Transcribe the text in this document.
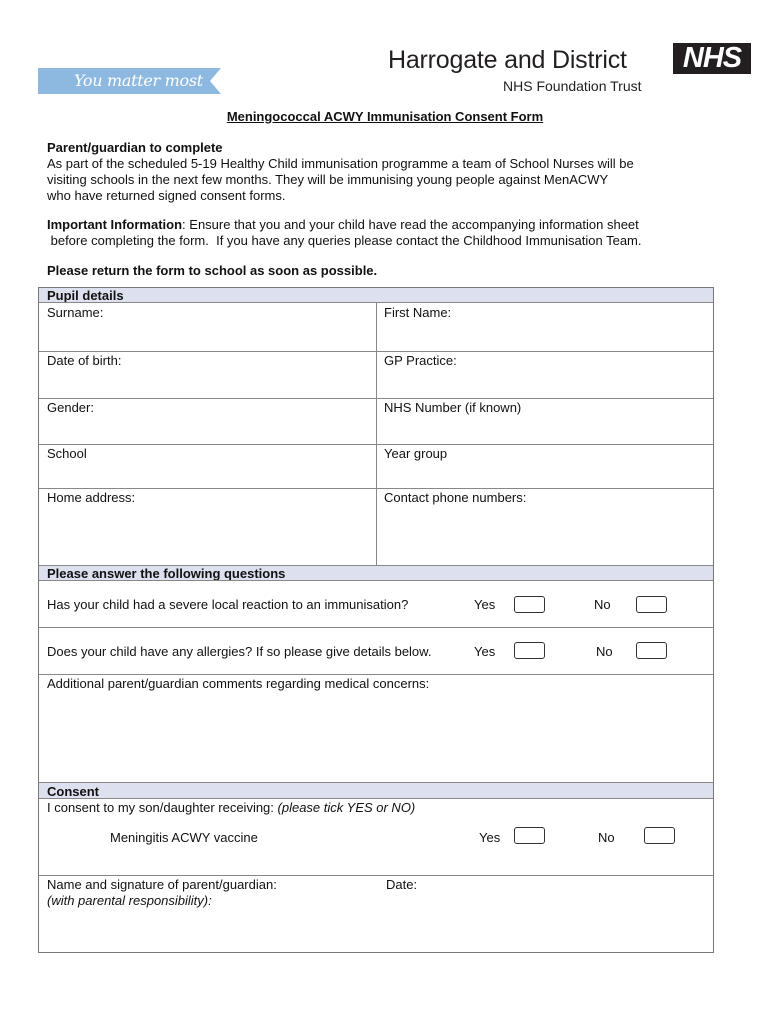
You matter most
Harrogate and District
NHS Foundation Trust
NHS
Meningococcal ACWY Immunisation Consent Form

Parent/guardian to complete

As part of the scheduled 5-19 Healthy Child immunisation programme a team of School Nurses will be

visiting schools in the next few months. They will be immunising young people against MenACWY

who have returned signed consent forms.

Important Information: Ensure that you and your child have read the accompanying information sheet

before completing the form.  If you have any queries please contact the Childhood Immunisation Team.

Please return the form to school as soon as possible.
Pupil details
Surname:	First Name:
Date of birth:	GP Practice:
Gender:	NHS Number (if known)
School	Year group
Home address:	Contact phone numbers:
Please answer the following questions
Has your child had a severe local reaction to an immunisation?	Yes	No
Does your child have any allergies? If so please give details below.	Yes	No
Additional parent/guardian comments regarding medical concerns:
Consent
I consent to my son/daughter receiving: (please tick YES or NO)
Meningitis ACWY vaccine	Yes	No
Name and signature of parent/guardian:
(with parental responsibility):
Date:
